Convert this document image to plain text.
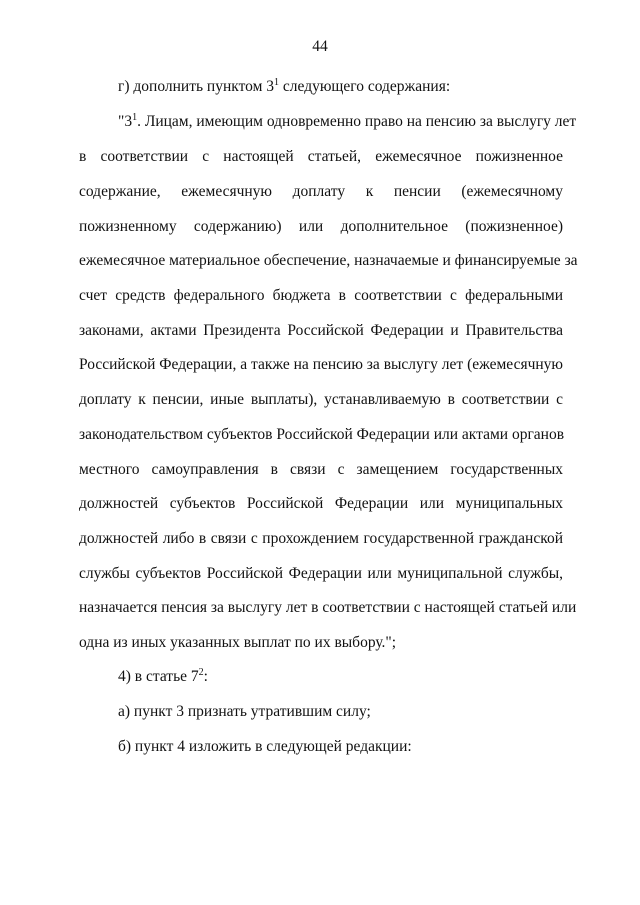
44
г) дополнить пунктом $3^1$ следующего содержания:
"$3^1$. Лицам, имеющим одновременно право на пенсию за выслугу лет
в соответствии с настоящей статьей, ежемесячное пожизненное
содержание, ежемесячную доплату к пенсии (ежемесячному
пожизненному содержанию) или дополнительное (пожизненное)
ежемесячное материальное обеспечение, назначаемые и финансируемые за
счет средств федерального бюджета в соответствии с федеральными
законами, актами Президента Российской Федерации и Правительства
Российской Федерации, а также на пенсию за выслугу лет (ежемесячную
доплату к пенсии, иные выплаты), устанавливаемую в соответствии с
законодательством субъектов Российской Федерации или актами органов
местного самоуправления в связи с замещением государственных
должностей субъектов Российской Федерации или муниципальных
должностей либо в связи с прохождением государственной гражданской
службы субъектов Российской Федерации или муниципальной службы,
назначается пенсия за выслугу лет в соответствии с настоящей статьей или
одна из иных указанных выплат по их выбору.";
4) в статье $7^2$:
а) пункт 3 признать утратившим силу;
б) пункт 4 изложить в следующей редакции:
